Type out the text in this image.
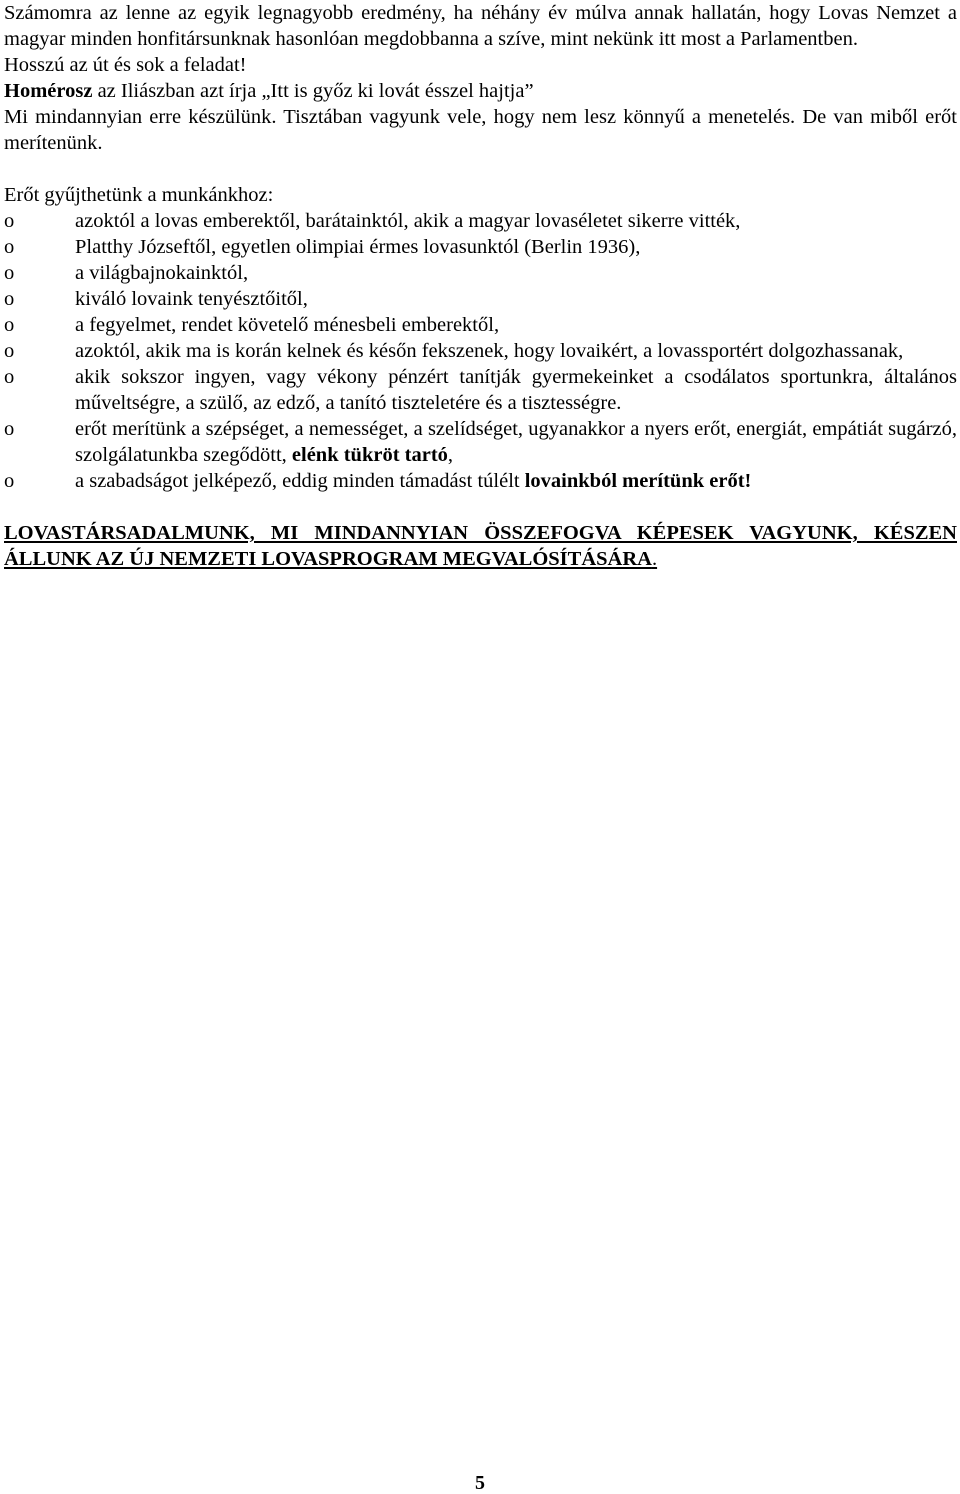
Számomra az lenne az egyik legnagyobb eredmény, ha néhány év múlva annak hallatán, hogy Lovas Nemzet a magyar minden honfitársunknak hasonlóan megdobbanna a szíve, mint nekünk itt most a Parlamentben.

Hosszú az út és sok a feladat!

Homérosz az Iliászban azt írja „Itt is győz ki lovát ésszel hajtja”

Mi mindannyian erre készülünk. Tisztában vagyunk vele, hogy nem lesz könnyű a menetelés. De van miből erőt merítenünk.

Erőt gyűjthetünk a munkánkhoz:

o	azoktól a lovas emberektől, barátainktól, akik a magyar lovaséletet sikerre vitték,
o	Platthy Józseftől, egyetlen olimpiai érmes lovasunktól (Berlin 1936),
o	a világbajnokainktól,
o	kiváló lovaink tenyésztőitől,
o	a fegyelmet, rendet követelő ménesbeli emberektől,
o	azoktól, akik ma is korán kelnek és későn fekszenek, hogy lovaikért, a lovassportért dolgozhassanak,
o	akik sokszor ingyen, vagy vékony pénzért tanítják gyermekeinket a csodálatos sportunkra, általános műveltségre, a szülő, az edző, a tanító tiszteletére és a tisztességre.
o	erőt merítünk a szépséget, a nemességet, a szelídséget, ugyanakkor a nyers erőt, energiát, empátiát sugárzó, szolgálatunkba szegődött, elénk tükröt tartó,
o	a szabadságot jelképező, eddig minden támadást túlélt lovainkból merítünk erőt!

LOVASTÁRSADALMUNK, MI MINDANNYIAN ÖSSZEFOGVA KÉPESEK VAGYUNK, KÉSZEN ÁLLUNK AZ ÚJ NEMZETI LOVASPROGRAM MEGVALÓSÍTÁSÁRA.

5
